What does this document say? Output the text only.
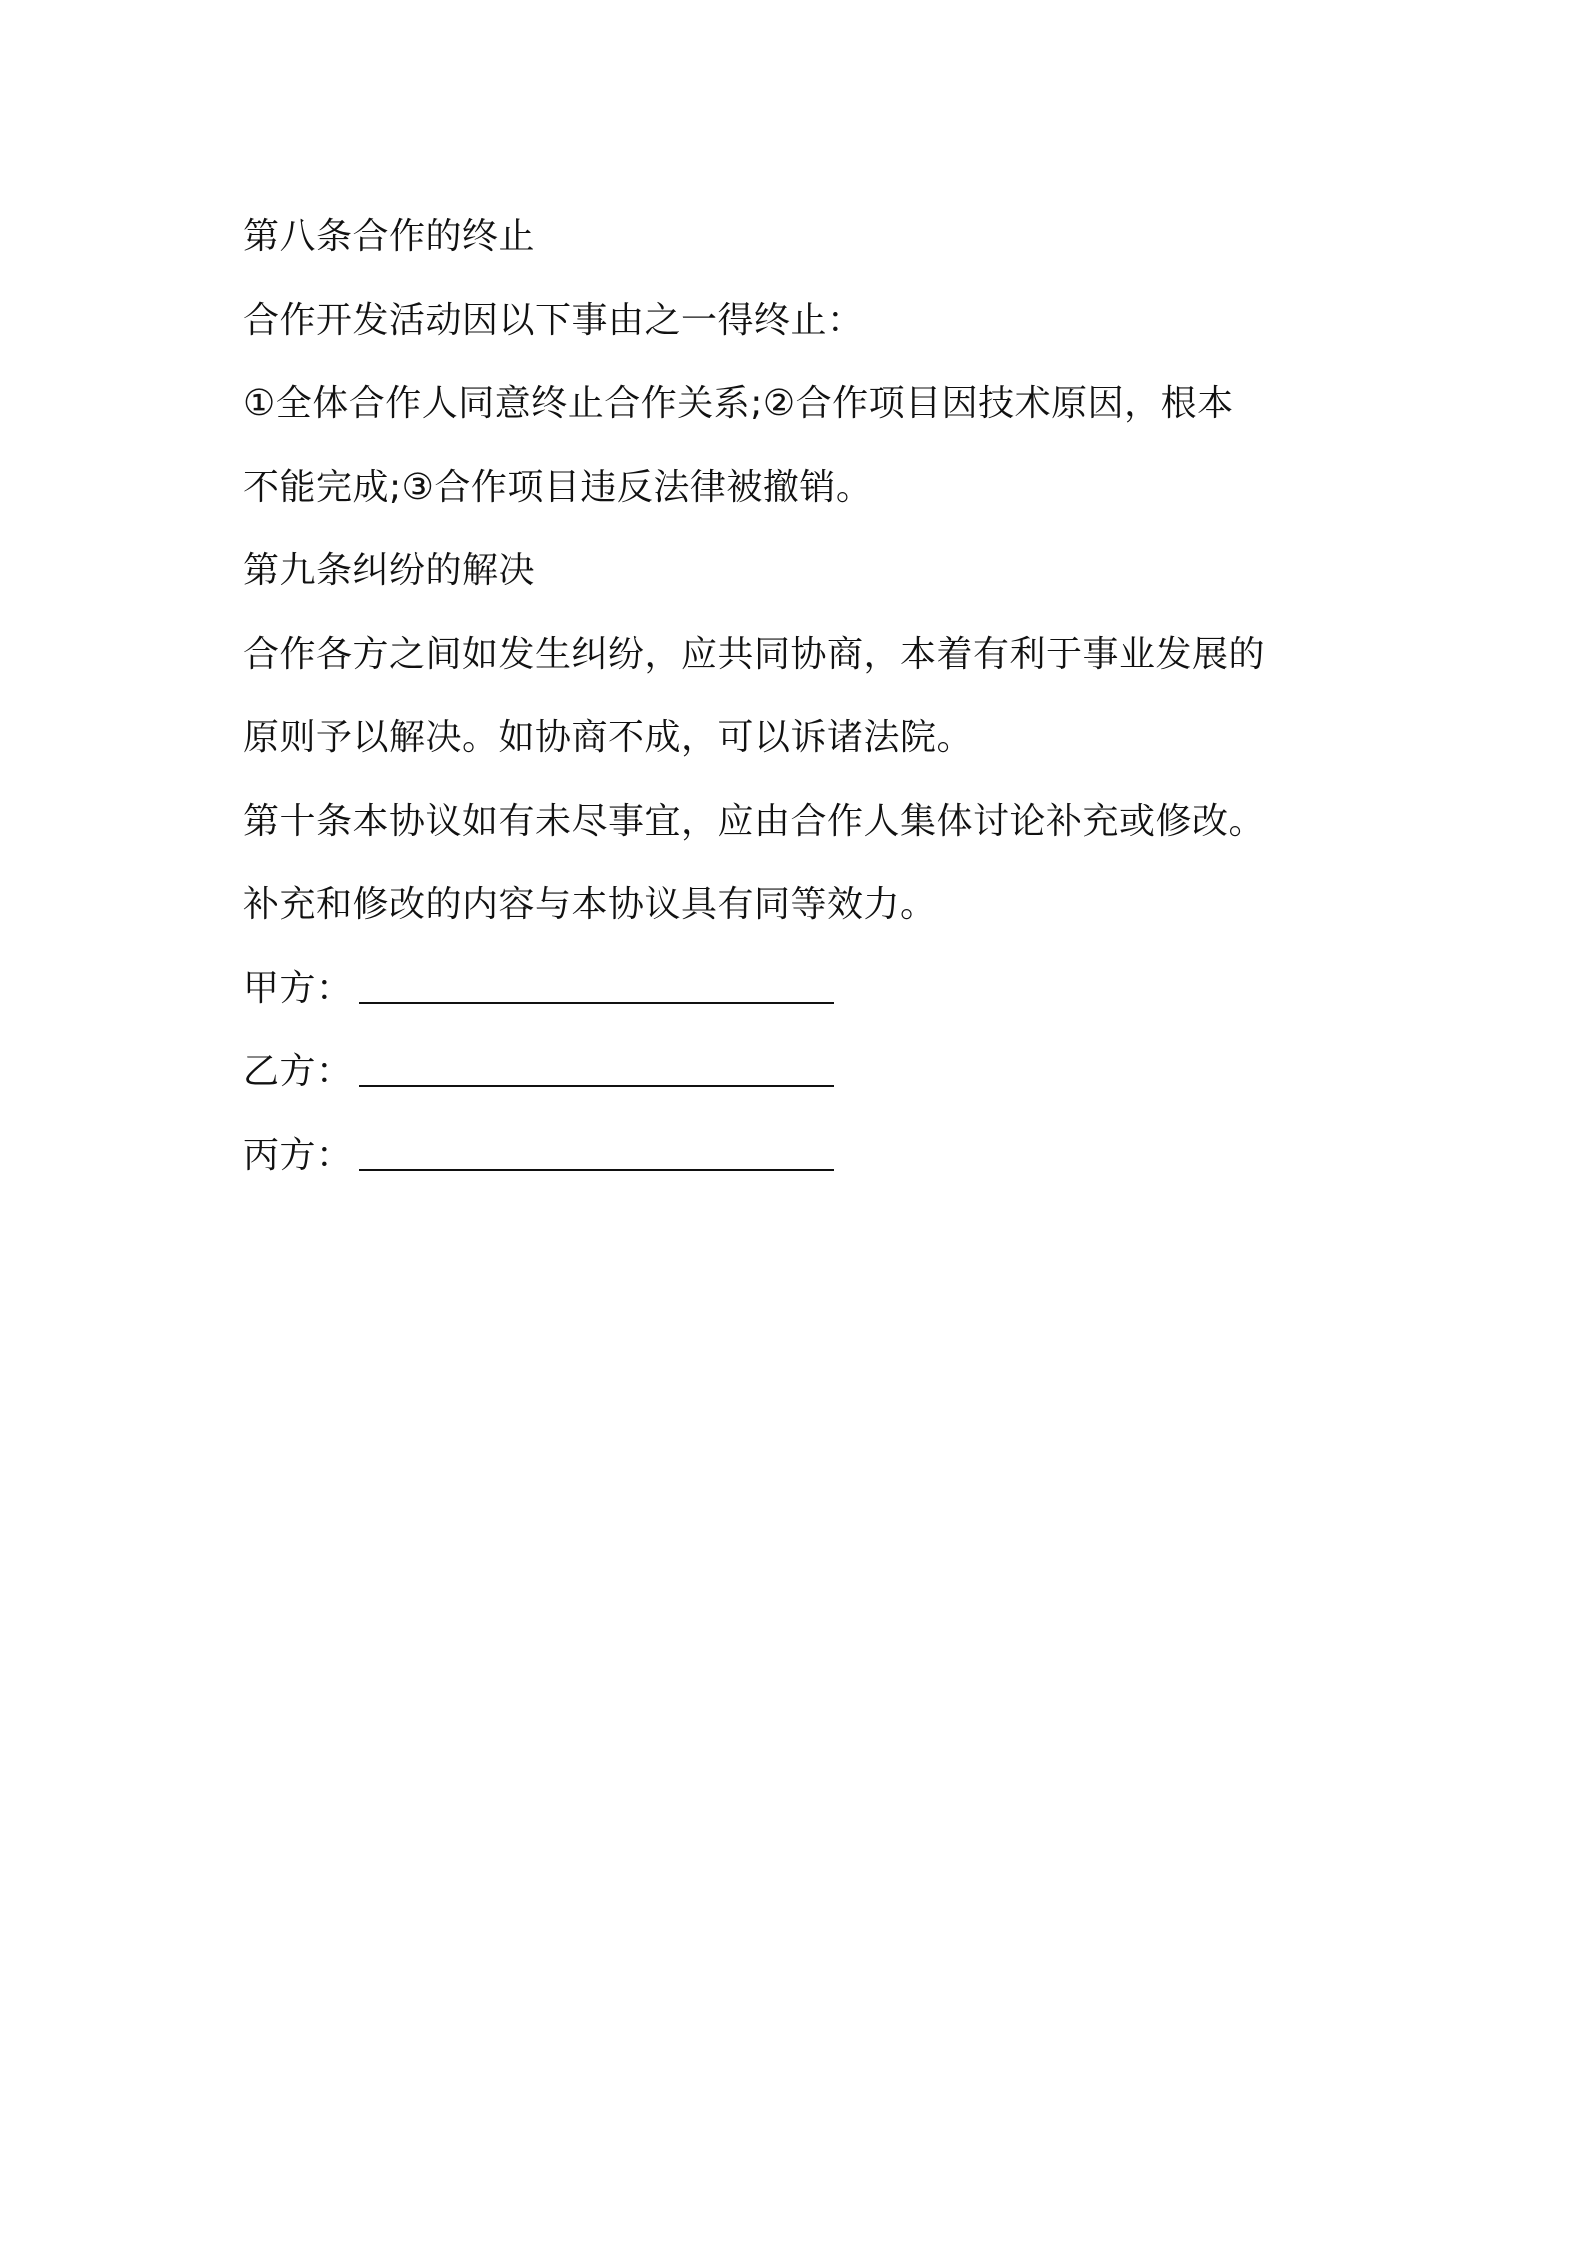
第八条合作的终止
合作开发活动因以下事由之一得终止：
①全体合作人同意终止合作关系;②合作项目因技术原因，根本
不能完成;③合作项目违反法律被撤销。
第九条纠纷的解决
合作各方之间如发生纠纷，应共同协商，本着有利于事业发展的
原则予以解决。如协商不成，可以诉诸法院。
第十条本协议如有未尽事宜，应由合作人集体讨论补充或修改。
补充和修改的内容与本协议具有同等效力。
甲方：
乙方：
丙方：
